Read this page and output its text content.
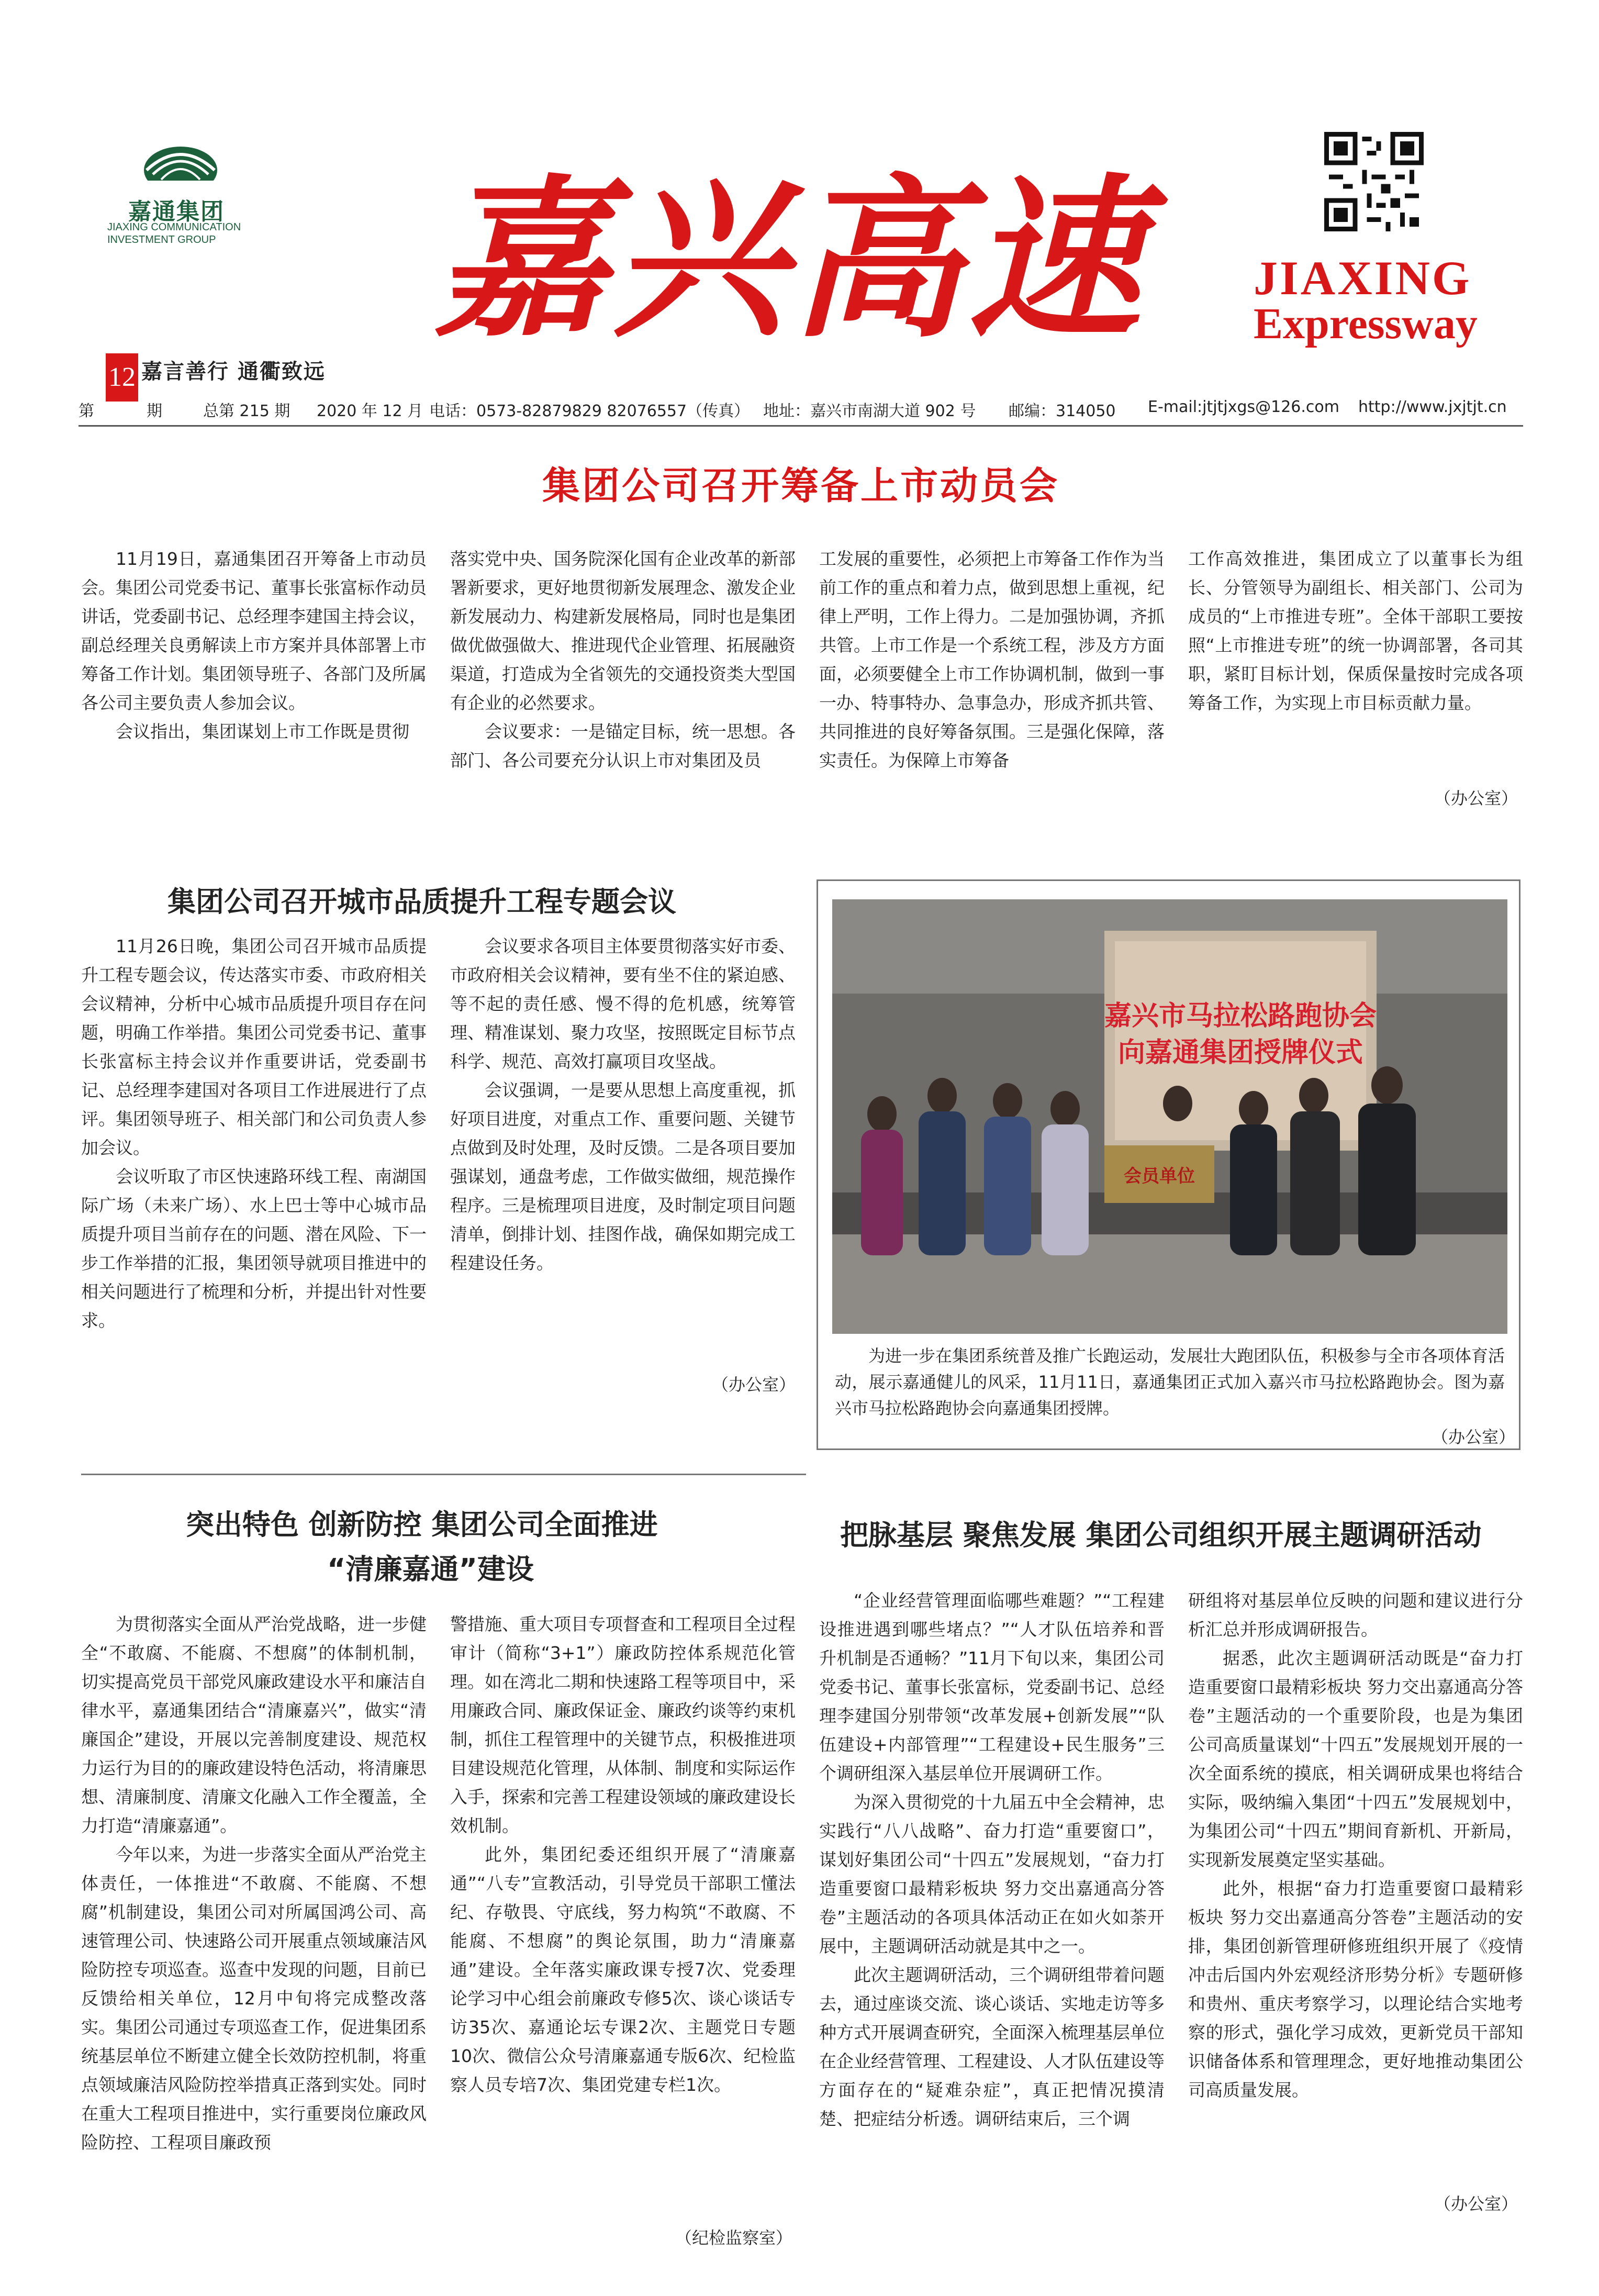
嘉通集团
JIAXING COMMUNICATION INVESTMENT GROUP 嘉兴高速	JIAXING
Expressway
12 嘉言善行 通衢致远
第	期	总第 215 期 2020 年 12 月 电话：0573-82879829 82076557（传真） 地址：嘉兴市南湖大道 902 号 邮编：314050 E-mail:jtjtjxgs@126.com http://www.jxjtjt.cn
集团公司召开筹备上市动员会

11月19日，嘉通集团召开筹备上市动员会。集团公司党委书记、董事长张富标作动员讲话，党委副书记、总经理李建国主持会议，副总经理关良勇解读上市方案并具体部署上市筹备工作计划。集团领导班子、各部门及所属各公司主要负责人参加会议。

会议指出，集团谋划上市工作既是贯彻

落实党中央、国务院深化国有企业改革的新部署新要求，更好地贯彻新发展理念、激发企业新发展动力、构建新发展格局，同时也是集团做优做强做大、推进现代企业管理、拓展融资渠道，打造成为全省领先的交通投资类大型国有企业的必然要求。

会议要求：一是锚定目标，统一思想。各部门、各公司要充分认识上市对集团及员

工发展的重要性，必须把上市筹备工作作为当前工作的重点和着力点，做到思想上重视，纪律上严明，工作上得力。二是加强协调，齐抓共管。上市工作是一个系统工程，涉及方方面面，必须要健全上市工作协调机制，做到一事一办、特事特办、急事急办，形成齐抓共管、共同推进的良好筹备氛围。三是强化保障，落实责任。为保障上市筹备

工作高效推进，集团成立了以董事长为组长、分管领导为副组长、相关部门、公司为成员的“上市推进专班”。全体干部职工要按照“上市推进专班”的统一协调部署，各司其职，紧盯目标计划，保质保量按时完成各项筹备工作，为实现上市目标贡献力量。

（办公室）
集团公司召开城市品质提升工程专题会议

11月26日晚，集团公司召开城市品质提升工程专题会议，传达落实市委、市政府相关会议精神，分析中心城市品质提升项目存在问题，明确工作举措。集团公司党委书记、董事长张富标主持会议并作重要讲话，党委副书记、总经理李建国对各项目工作进展进行了点评。集团领导班子、相关部门和公司负责人参加会议。

会议听取了市区快速路环线工程、南湖国际广场（未来广场）、水上巴士等中心城市品质提升项目当前存在的问题、潜在风险、下一步工作举措的汇报，集团领导就项目推进中的相关问题进行了梳理和分析，并提出针对性要求。

会议要求各项目主体要贯彻落实好市委、市政府相关会议精神，要有坐不住的紧迫感、等不起的责任感、慢不得的危机感，统筹管理、精准谋划、聚力攻坚，按照既定目标节点科学、规范、高效打赢项目攻坚战。

会议强调，一是要从思想上高度重视，抓好项目进度，对重点工作、重要问题、关键节点做到及时处理，及时反馈。二是各项目要加强谋划，通盘考虑，工作做实做细，规范操作程序。三是梳理项目进度，及时制定项目问题清单，倒排计划、挂图作战，确保如期完成工程建设任务。

（办公室）
嘉兴市马拉松路跑协会
向嘉通集团授牌仪式
会员单位

为进一步在集团系统普及推广长跑运动，发展壮大跑团队伍，积极参与全市各项体育活动，展示嘉通健儿的风采，11月11日，嘉通集团正式加入嘉兴市马拉松路跑协会。图为嘉兴市马拉松路跑协会向嘉通集团授牌。

（办公室）
突出特色 创新防控 集团公司全面推进
“清廉嘉通”建设

为贯彻落实全面从严治党战略，进一步健全“不敢腐、不能腐、不想腐”的体制机制，切实提高党员干部党风廉政建设水平和廉洁自律水平，嘉通集团结合“清廉嘉兴”，做实“清廉国企”建设，开展以完善制度建设、规范权力运行为目的的廉政建设特色活动，将清廉思想、清廉制度、清廉文化融入工作全覆盖，全力打造“清廉嘉通”。

今年以来，为进一步落实全面从严治党主体责任，一体推进“不敢腐、不能腐、不想腐”机制建设，集团公司对所属国鸿公司、高速管理公司、快速路公司开展重点领域廉洁风险防控专项巡查。巡查中发现的问题，目前已反馈给相关单位，12月中旬将完成整改落实。集团公司通过专项巡查工作，促进集团系统基层单位不断建立健全长效防控机制，将重点领域廉洁风险防控举措真正落到实处。同时在重大工程项目推进中，实行重要岗位廉政风险防控、工程项目廉政预

警措施、重大项目专项督查和工程项目全过程审计（简称“3+1”）廉政防控体系规范化管理。如在湾北二期和快速路工程等项目中，采用廉政合同、廉政保证金、廉政约谈等约束机制，抓住工程管理中的关键节点，积极推进项目建设规范化管理，从体制、制度和实际运作入手，探索和完善工程建设领域的廉政建设长效机制。

此外，集团纪委还组织开展了“清廉嘉通”“八专”宣教活动，引导党员干部职工懂法纪、存敬畏、守底线，努力构筑“不敢腐、不能腐、不想腐”的舆论氛围，助力“清廉嘉通”建设。全年落实廉政课专授7次、党委理论学习中心组会前廉政专修5次、谈心谈话专访35次、嘉通论坛专课2次、主题党日专题10次、微信公众号清廉嘉通专版6次、纪检监察人员专培7次、集团党建专栏1次。

（纪检监察室）
把脉基层 聚焦发展 集团公司组织开展主题调研活动

“企业经营管理面临哪些难题？”“工程建设推进遇到哪些堵点？”“人才队伍培养和晋升机制是否通畅？”11月下旬以来，集团公司党委书记、董事长张富标，党委副书记、总经理李建国分别带领“改革发展+创新发展”“队伍建设+内部管理”“工程建设+民生服务”三个调研组深入基层单位开展调研工作。

为深入贯彻党的十九届五中全会精神，忠实践行“八八战略”、奋力打造“重要窗口”，谋划好集团公司“十四五”发展规划，“奋力打造重要窗口最精彩板块 努力交出嘉通高分答卷”主题活动的各项具体活动正在如火如荼开展中，主题调研活动就是其中之一。

此次主题调研活动，三个调研组带着问题去，通过座谈交流、谈心谈话、实地走访等多种方式开展调查研究，全面深入梳理基层单位在企业经营管理、工程建设、人才队伍建设等方面存在的“疑难杂症”，真正把情况摸清楚、把症结分析透。调研结束后，三个调

研组将对基层单位反映的问题和建议进行分析汇总并形成调研报告。

据悉，此次主题调研活动既是“奋力打造重要窗口最精彩板块 努力交出嘉通高分答卷”主题活动的一个重要阶段，也是为集团公司高质量谋划“十四五”发展规划开展的一次全面系统的摸底，相关调研成果也将结合实际，吸纳编入集团“十四五”发展规划中，为集团公司“十四五”期间育新机、开新局，实现新发展奠定坚实基础。

此外，根据“奋力打造重要窗口最精彩板块 努力交出嘉通高分答卷”主题活动的安排，集团创新管理研修班组织开展了《疫情冲击后国内外宏观经济形势分析》专题研修和贵州、重庆考察学习，以理论结合实地考察的形式，强化学习成效，更新党员干部知识储备体系和管理理念，更好地推动集团公司高质量发展。

（办公室）
